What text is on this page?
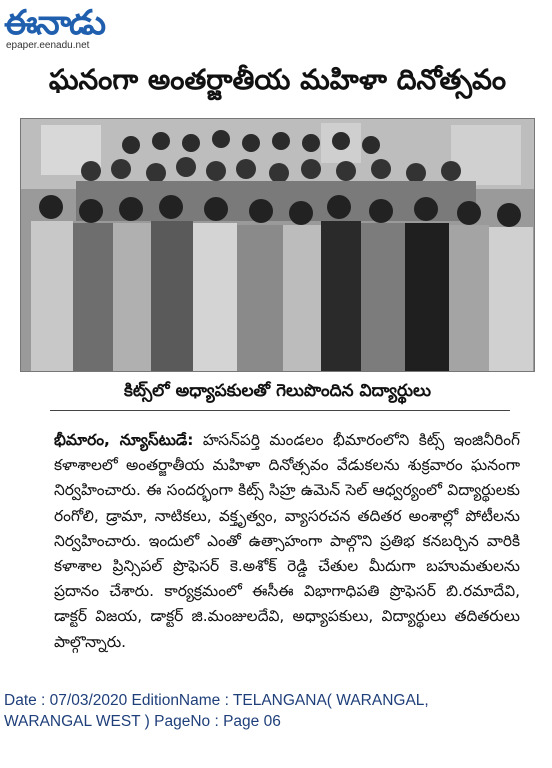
ఈనాడు
epaper.eenadu.net
ఘనంగా అంతర్జాతీయ మహిళా దినోత్సవం
కిట్స్‌లో అధ్యాపకులతో గెలుపొందిన విద్యార్థులు
భీమారం, న్యూస్‌టుడే: హసన్‌పర్తి మండలం భీమారంలోని కిట్స్ ఇంజినీరింగ్ కళాశాలలో అంతర్జాతీయ మహిళా దినోత్సవం వేడుకలను శుక్రవారం ఘనంగా నిర్వహించారు. ఈ సందర్భంగా కిట్స్ సిహ్ర ఉమెన్ సెల్ ఆధ్వర్యంలో విద్యార్థులకు రంగోలి, డ్రామా, నాటికలు, వక్తృత్వం, వ్యాసరచన తదితర అంశాల్లో పోటీలను నిర్వహించారు. ఇందులో ఎంతో ఉత్సాహంగా పాల్గొని ప్రతిభ కనబర్చిన వారికి కళాశాల ప్రిన్సిపల్ ప్రొఫెసర్ కె.అశోక్ రెడ్డి చేతుల మీదుగా బహుమతులను ప్రదానం చేశారు. కార్యక్రమంలో ఈసీఈ విభాగాధిపతి ప్రొఫెసర్ బి.రమాదేవి, డాక్టర్ విజయ, డాక్టర్ జి.మంజులదేవి, అధ్యాపకులు, విద్యార్థులు తదితరులు పాల్గొన్నారు.
Date : 07/03/2020 EditionName : TELANGANA( WARANGAL,
WARANGAL WEST ) PageNo : Page 06
